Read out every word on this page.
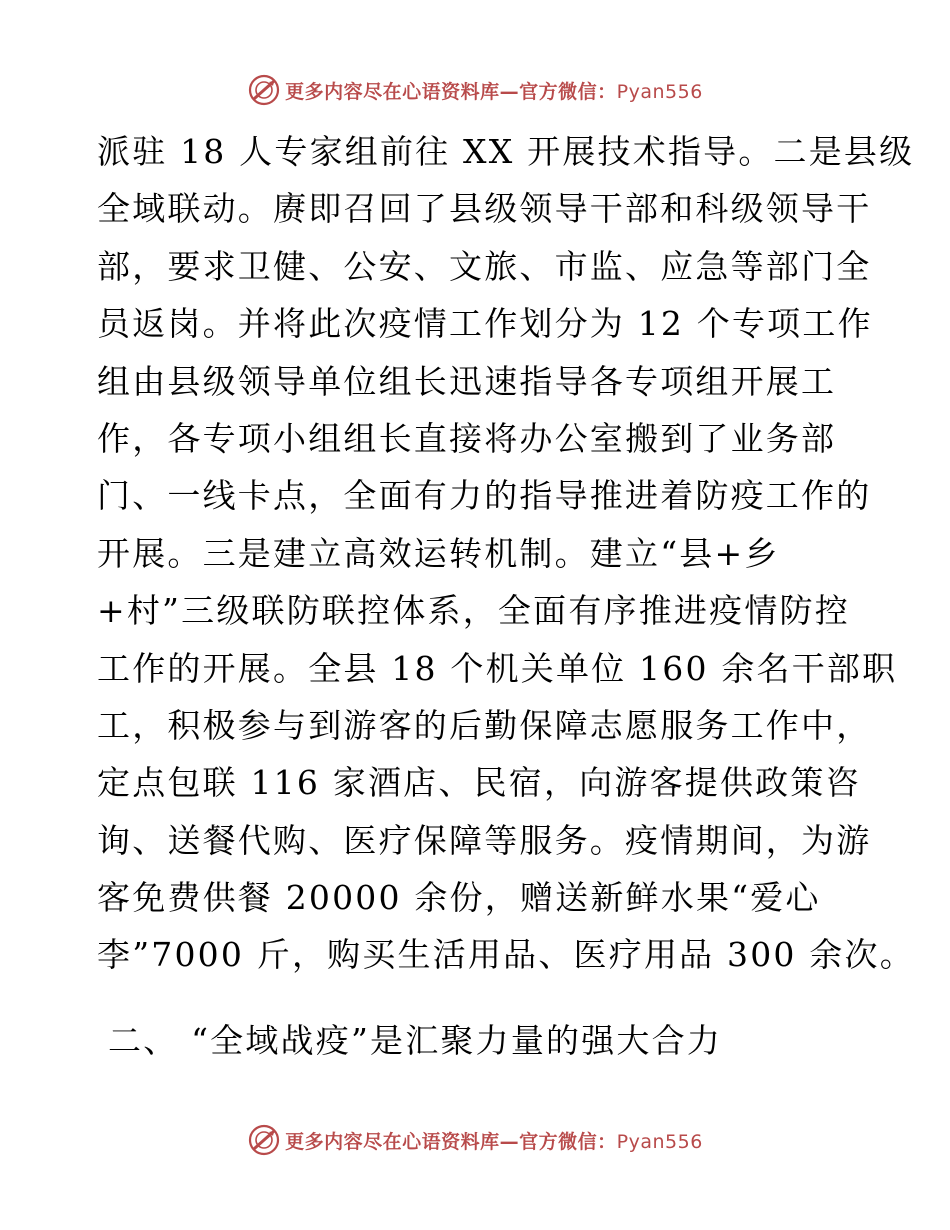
更多内容尽在心语资料库—官方微信：Pyan556
派驻 18 人专家组前往 XX 开展技术指导。二是县级
全域联动。赓即召回了县级领导干部和科级领导干
部，要求卫健、公安、文旅、市监、应急等部门全
员返岗。并将此次疫情工作划分为 12 个专项工作
组由县级领导单位组长迅速指导各专项组开展工
作，各专项小组组长直接将办公室搬到了业务部
门、一线卡点，全面有力的指导推进着防疫工作的
开展。三是建立高效运转机制。建立“县+乡
+村”三级联防联控体系，全面有序推进疫情防控
工作的开展。全县 18 个机关单位 160 余名干部职
工，积极参与到游客的后勤保障志愿服务工作中，
定点包联 116 家酒店、民宿，向游客提供政策咨
询、送餐代购、医疗保障等服务。疫情期间，为游
客免费供餐 20000 余份，赠送新鲜水果“爱心
李”7000 斤，购买生活用品、医疗用品 300 余次。
二、 “全域战疫”是汇聚力量的强大合力
更多内容尽在心语资料库—官方微信：Pyan556
